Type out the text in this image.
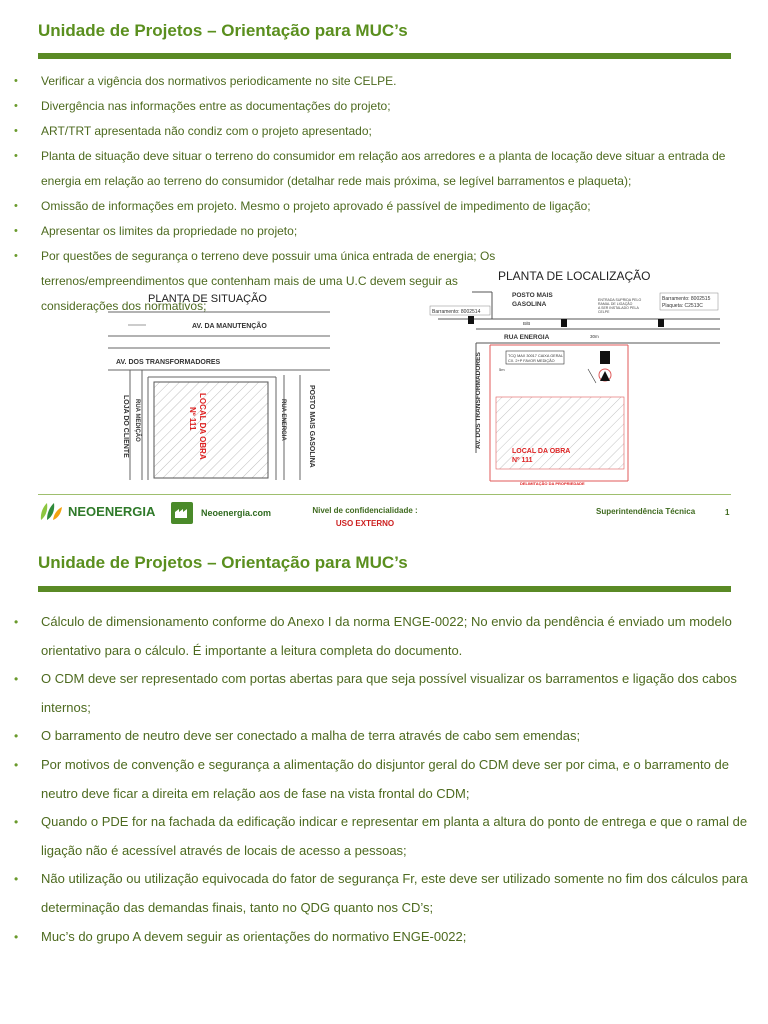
Unidade de Projetos – Orientação para MUC’s
• Verificar a vigência dos normativos periodicamente no site CELPE.
• Divergência nas informações entre as documentações do projeto;
• ART/TRT apresentada não condiz com o projeto apresentado;
• Planta de situação deve situar o terreno do consumidor em relação aos arredores e a planta de locação deve situar a entrada de energia em relação ao terreno do consumidor (detalhar rede mais próxima, se legível barramentos e plaqueta);
• Omissão de informações em projeto. Mesmo o projeto aprovado é passível de impedimento de ligação;
• Apresentar os limites da propriedade no projeto;
• Por questões de segurança o terreno deve possuir uma única entrada de energia; Os terrenos/empreendimentos que contenham mais de uma U.C devem seguir as considerações dos normativos;
PLANTA DE SITUAÇÃO
AV. DA MANUTENÇÃO
AV. DOS TRANSFORMADORES
LOJA DO CLIENTE RUA MEDIÇÃO	LOCAL DA OBRA
Nº 111	RUA ENERGIA	POSTO MAIS GASOLINA
PLANTA DE LOCALIZAÇÃO
POSTO MAIS
GASOLINA
ENTRADA SUPRIDA PELO
RAMAL DE LIGAÇÃO
A SER INSTALADO PELA
CELPE
Barramento: 8002515
Plaqueta: C2513C
Barramento: 8002514
B/B
RUA ENERGIA	30m
AV. DOS TRANSFORMADORES	5m
TCQ MAX 30017 CAIXA GERAL
CX. 2+P FAVOR MEDIÇÃO
LOCAL DA OBRA
Nº 111
DELIMITAÇÃO DA PROPRIEDADE
NEOENERGIA	Neoenergia.com	Nivel de confidencialidade :
USO EXTERNO
Superintendência Técnica	1
Unidade de Projetos – Orientação para MUC’s
• Cálculo de dimensionamento conforme do Anexo I da norma ENGE-0022; No envio da pendência é enviado um modelo orientativo para o cálculo. É importante a leitura completa do documento.
• O CDM deve ser representado com portas abertas para que seja possível visualizar os barramentos e ligação dos cabos internos;
• O barramento de neutro deve ser conectado a malha de terra através de cabo sem emendas;
• Por motivos de convenção e segurança a alimentação do disjuntor geral do CDM deve ser por cima, e o barramento de neutro deve ficar a direita em relação aos de fase na vista frontal do CDM;
• Quando o PDE for na fachada da edificação indicar e representar em planta a altura do ponto de entrega e que o ramal de ligação não é acessível através de locais de acesso a pessoas;
• Não utilização ou utilização equivocada do fator de segurança Fr, este deve ser utilizado somente no fim dos cálculos para determinação das demandas finais, tanto no QDG quanto nos CD’s;
• Muc’s do grupo A devem seguir as orientações do normativo ENGE-0022;
